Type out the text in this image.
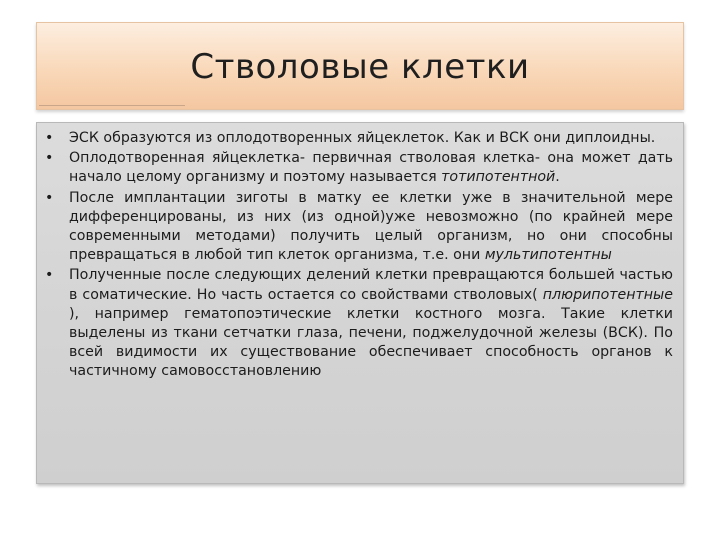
Стволовые клетки
• ЭСК образуются из оплодотворенных яйцеклеток. Как и ВСК они диплоидны.
• Оплодотворенная яйцеклетка- первичная стволовая клетка- она может дать начало целому организму и поэтому называется тотипотентной.
• После имплантации зиготы в матку ее клетки уже в значительной мере дифференцированы, из них (из одной)уже невозможно (по крайней мере современными методами) получить целый организм, но они способны превращаться в любой тип клеток организма, т.е. они мультипотентны
• Полученные после следующих делений клетки превращаются большей частью в соматические. Но часть остается со свойствами стволовых( плюрипотентные ), например гематопоэтические клетки костного мозга. Такие клетки выделены из ткани сетчатки глаза, печени, поджелудочной железы (ВСК). По всей видимости их существование обеспечивает способность органов к частичному самовосстановлению
